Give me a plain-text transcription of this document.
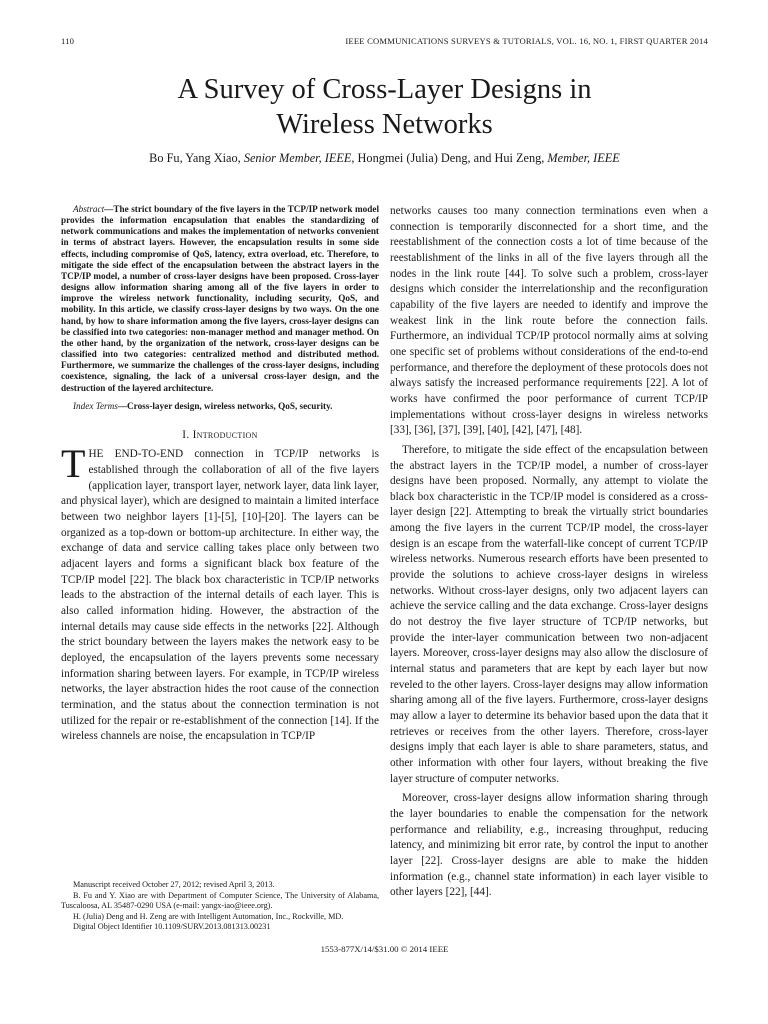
110	IEEE COMMUNICATIONS SURVEYS & TUTORIALS, VOL. 16, NO. 1, FIRST QUARTER 2014
A Survey of Cross-Layer Designs in
Wireless Networks
Bo Fu, Yang Xiao, Senior Member, IEEE, Hongmei (Julia) Deng, and Hui Zeng, Member, IEEE

Abstract—The strict boundary of the five layers in the TCP/IP network model provides the information encapsulation that enables the standardizing of network communications and makes the implementation of networks convenient in terms of abstract layers. However, the encapsulation results in some side effects, including compromise of QoS, latency, extra overload, etc. Therefore, to mitigate the side effect of the encapsulation between the abstract layers in the TCP/IP model, a number of cross-layer designs have been proposed. Cross-layer designs allow information sharing among all of the five layers in order to improve the wireless network functionality, including security, QoS, and mobility. In this article, we classify cross-layer designs by two ways. On the one hand, by how to share information among the five layers, cross-layer designs can be classified into two categories: non-manager method and manager method. On the other hand, by the organization of the network, cross-layer designs can be classified into two categories: centralized method and distributed method. Furthermore, we summarize the challenges of the cross-layer designs, including coexistence, signaling, the lack of a universal cross-layer design, and the destruction of the layered architecture.

Index Terms—Cross-layer design, wireless networks, QoS, security.

I. Introduction

THE END-TO-END connection in TCP/IP networks is established through the collaboration of all of the five layers (application layer, transport layer, network layer, data link layer, and physical layer), which are designed to maintain a limited interface between two neighbor layers [1]-[5], [10]-[20]. The layers can be organized as a top-down or bottom-up architecture. In either way, the exchange of data and service calling takes place only between two adjacent layers and forms a significant black box feature of the TCP/IP model [22]. The black box characteristic in TCP/IP networks leads to the abstraction of the internal details of each layer. This is also called information hiding. However, the abstraction of the internal details may cause side effects in the networks [22]. Although the strict boundary between the layers makes the network easy to be deployed, the encapsulation of the layers prevents some necessary information sharing between layers. For example, in TCP/IP wireless networks, the layer abstraction hides the root cause of the connection termination, and the status about the connection termination is not utilized for the repair or re-establishment of the connection [14]. If the wireless channels are noise, the encapsulation in TCP/IP

Manuscript received October 27, 2012; revised April 3, 2013.

B. Fu and Y. Xiao are with Department of Computer Science, The University of Alabama, Tuscaloosa, AL 35487-0290 USA (e-mail: yangx-iao@ieee.org).

H. (Julia) Deng and H. Zeng are with Intelligent Automation, Inc., Rockville, MD.

Digital Object Identifier 10.1109/SURV.2013.081313.00231

networks causes too many connection terminations even when a connection is temporarily disconnected for a short time, and the reestablishment of the connection costs a lot of time because of the reestablishment of the links in all of the five layers through all the nodes in the link route [44]. To solve such a problem, cross-layer designs which consider the interrelationship and the reconfiguration capability of the five layers are needed to identify and improve the weakest link in the link route before the connection fails. Furthermore, an individual TCP/IP protocol normally aims at solving one specific set of problems without considerations of the end-to-end performance, and therefore the deployment of these protocols does not always satisfy the increased performance requirements [22]. A lot of works have confirmed the poor performance of current TCP/IP implementations without cross-layer designs in wireless networks [33], [36], [37], [39], [40], [42], [47], [48].

Therefore, to mitigate the side effect of the encapsulation between the abstract layers in the TCP/IP model, a number of cross-layer designs have been proposed. Normally, any attempt to violate the black box characteristic in the TCP/IP model is considered as a cross-layer design [22]. Attempting to break the virtually strict boundaries among the five layers in the current TCP/IP model, the cross-layer design is an escape from the waterfall-like concept of current TCP/IP wireless networks. Numerous research efforts have been presented to provide the solutions to achieve cross-layer designs in wireless networks. Without cross-layer designs, only two adjacent layers can achieve the service calling and the data exchange. Cross-layer designs do not destroy the five layer structure of TCP/IP networks, but provide the inter-layer communication between two non-adjacent layers. Moreover, cross-layer designs may also allow the disclosure of internal status and parameters that are kept by each layer but now reveled to the other layers. Cross-layer designs may allow information sharing among all of the five layers. Furthermore, cross-layer designs may allow a layer to determine its behavior based upon the data that it retrieves or receives from the other layers. Therefore, cross-layer designs imply that each layer is able to share parameters, status, and other information with other four layers, without breaking the five layer structure of computer networks.

Moreover, cross-layer designs allow information sharing through the layer boundaries to enable the compensation for the network performance and reliability, e.g., increasing throughput, reducing latency, and minimizing bit error rate, by control the input to another layer [22]. Cross-layer designs are able to make the hidden information (e.g., channel state information) in each layer visible to other layers [22], [44].

1553-877X/14/$31.00 © 2014 IEEE
